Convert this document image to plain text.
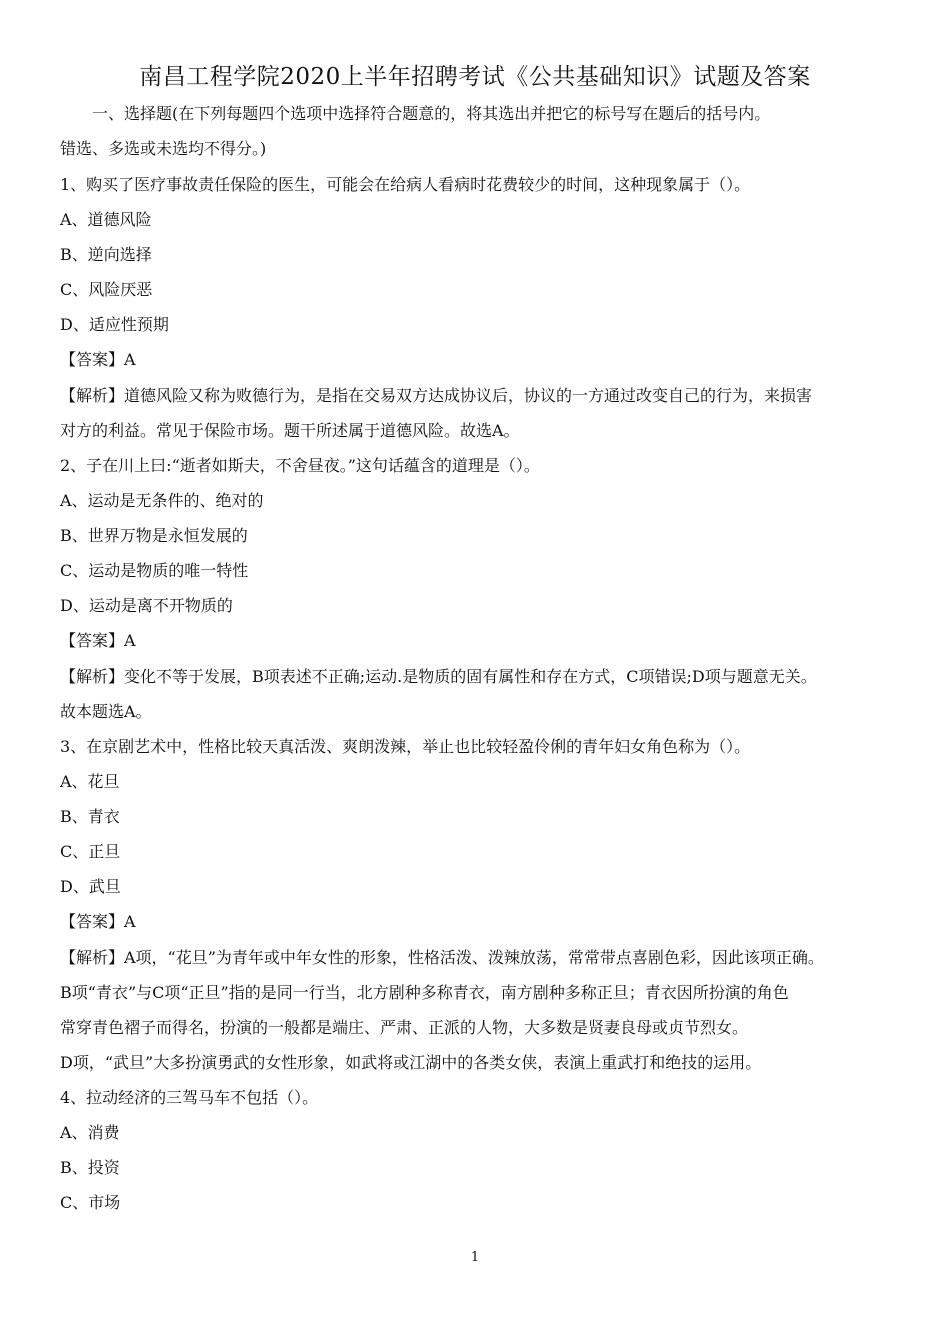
南昌工程学院2020上半年招聘考试《公共基础知识》试题及答案
一、选择题(在下列每题四个选项中选择符合题意的，将其选出并把它的标号写在题后的括号内。
错选、多选或未选均不得分。)
1、购买了医疗事故责任保险的医生，可能会在给病人看病时花费较少的时间，这种现象属于（）。
A、道德风险
B、逆向选择
C、风险厌恶
D、适应性预期
【答案】A
【解析】道德风险又称为败德行为，是指在交易双方达成协议后，协议的一方通过改变自己的行为，来损害
对方的利益。常见于保险市场。题干所述属于道德风险。故选A。
2、子在川上曰:“逝者如斯夫，不舍昼夜。”这句话蕴含的道理是（）。
A、运动是无条件的、绝对的
B、世界万物是永恒发展的
C、运动是物质的唯一特性
D、运动是离不开物质的
【答案】A
【解析】变化不等于发展，B项表述不正确;运动.是物质的固有属性和存在方式，C项错误;D项与题意无关。
故本题选A。
3、在京剧艺术中，性格比较天真活泼、爽朗泼辣，举止也比较轻盈伶俐的青年妇女角色称为（）。
A、花旦
B、青衣
C、正旦
D、武旦
【答案】A
【解析】A项，“花旦”为青年或中年女性的形象，性格活泼、泼辣放荡，常常带点喜剧色彩，因此该项正确。
B项“青衣”与C项“正旦”指的是同一行当，北方剧种多称青衣，南方剧种多称正旦；青衣因所扮演的角色
常穿青色褶子而得名，扮演的一般都是端庄、严肃、正派的人物，大多数是贤妻良母或贞节烈女。
D项，“武旦”大多扮演勇武的女性形象，如武将或江湖中的各类女侠，表演上重武打和绝技的运用。
4、拉动经济的三驾马车不包括（）。
A、消费
B、投资
C、市场
1
